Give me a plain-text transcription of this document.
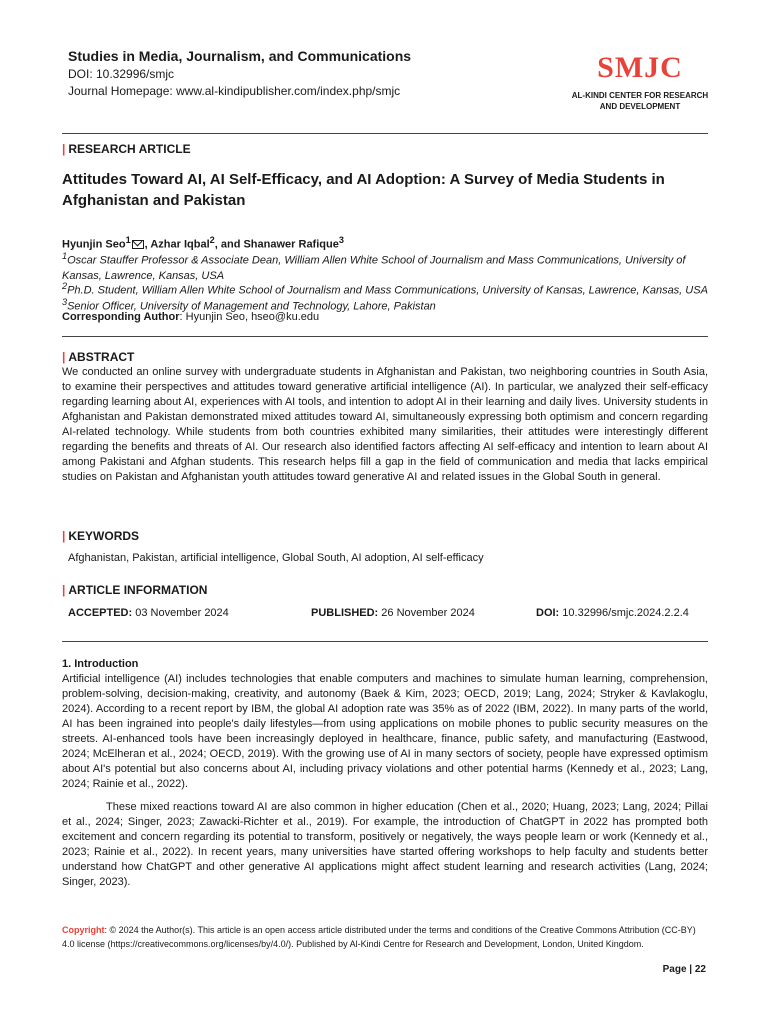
Studies in Media, Journalism, and Communications
DOI: 10.32996/smjc
Journal Homepage: www.al-kindipublisher.com/index.php/smjc
SMJC
AL-KINDI CENTER FOR RESEARCH
AND DEVELOPMENT
| RESEARCH ARTICLE
Attitudes Toward AI, AI Self-Efficacy, and AI Adoption: A Survey of Media Students in Afghanistan and Pakistan
Hyunjin Seo$^1$ , Azhar Iqbal$^2$, and Shanawer Rafique$^3$
$^1$Oscar Stauffer Professor & Associate Dean, William Allen White School of Journalism and Mass Communications, University of Kansas, Lawrence, Kansas, USA
$^2$Ph.D. Student, William Allen White School of Journalism and Mass Communications, University of Kansas, Lawrence, Kansas, USA
$^3$Senior Officer, University of Management and Technology, Lahore, Pakistan
Corresponding Author: Hyunjin Seo, hseo@ku.edu
| ABSTRACT
We conducted an online survey with undergraduate students in Afghanistan and Pakistan, two neighboring countries in South Asia, to examine their perspectives and attitudes toward generative artificial intelligence (AI). In particular, we analyzed their self-efficacy regarding learning about AI, experiences with AI tools, and intention to adopt AI in their learning and daily lives. University students in Afghanistan and Pakistan demonstrated mixed attitudes toward AI, simultaneously expressing both optimism and concern regarding AI-related technology. While students from both countries exhibited many similarities, their attitudes were interestingly different regarding the benefits and threats of AI. Our research also identified factors affecting AI self-efficacy and intention to learn about AI among Pakistani and Afghan students. This research helps fill a gap in the field of communication and media that lacks empirical studies on Pakistan and Afghanistan youth attitudes toward generative AI and related issues in the Global South in general.
| KEYWORDS
Afghanistan, Pakistan, artificial intelligence, Global South, AI adoption, AI self-efficacy
| ARTICLE INFORMATION
ACCEPTED: 03 November 2024	PUBLISHED: 26 November 2024	DOI: 10.32996/smjc.2024.2.2.4
1. Introduction
Artificial intelligence (AI) includes technologies that enable computers and machines to simulate human learning, comprehension, problem-solving, decision-making, creativity, and autonomy (Baek & Kim, 2023; OECD, 2019; Lang, 2024; Stryker & Kavlakoglu, 2024). According to a recent report by IBM, the global AI adoption rate was 35% as of 2022 (IBM, 2022). In many parts of the world, AI has been ingrained into people's daily lifestyles—from using applications on mobile phones to public security measures on the streets. AI-enhanced tools have been increasingly deployed in healthcare, finance, public safety, and manufacturing (Eastwood, 2024; McElheran et al., 2024; OECD, 2019). With the growing use of AI in many sectors of society, people have expressed optimism about AI's potential but also concerns about AI, including privacy violations and other potential harms (Kennedy et al., 2023; Lang, 2024; Rainie et al., 2022).
These mixed reactions toward AI are also common in higher education (Chen et al., 2020; Huang, 2023; Lang, 2024; Pillai et al., 2024; Singer, 2023; Zawacki-Richter et al., 2019). For example, the introduction of ChatGPT in 2022 has prompted both excitement and concern regarding its potential to transform, positively or negatively, the ways people learn or work (Kennedy et al., 2023; Rainie et al., 2022). In recent years, many universities have started offering workshops to help faculty and students better understand how ChatGPT and other generative AI applications might affect student learning and research activities (Lang, 2024; Singer, 2023).
Copyright: © 2024 the Author(s). This article is an open access article distributed under the terms and conditions of the Creative Commons Attribution (CC-BY) 4.0 license (https://creativecommons.org/licenses/by/4.0/). Published by Al-Kindi Centre for Research and Development, London, United Kingdom.
Page | 22
